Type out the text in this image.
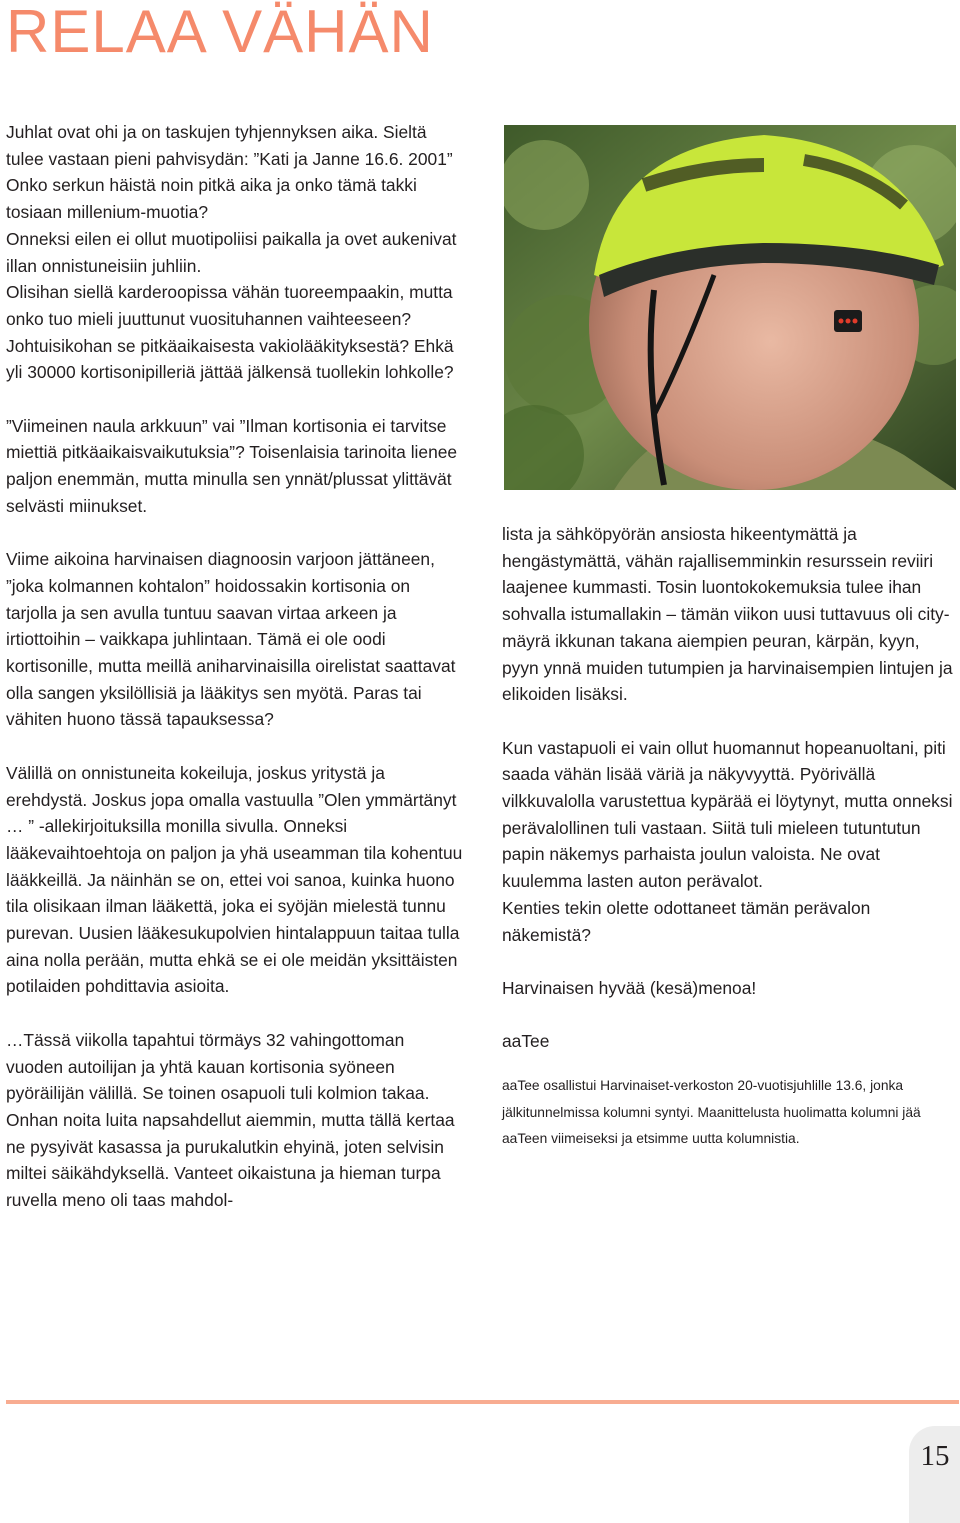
RELAA VÄHÄN

Juhlat ovat ohi ja on taskujen tyhjennyksen aika. Sieltä tulee vastaan pieni pahvisydän: ”Kati ja Janne 16.6. 2001”

Onko serkun häistä noin pitkä aika ja onko tämä takki tosiaan millenium-muotia?

Onneksi eilen ei ollut muotipoliisi paikalla ja ovet aukenivat illan onnistuneisiin juhliin.

Olisihan siellä karderoopissa vähän tuoreempaakin, mutta onko tuo mieli juuttunut vuosituhannen vaihteeseen? Johtuisikohan se pitkäaikaisesta vakiolääkityksestä? Ehkä yli 30000 kortisonipilleriä jättää jälkensä tuollekin lohkolle?

”Viimeinen naula arkkuun” vai ”Ilman kortisonia ei tarvitse miettiä pitkäaikaisvaikutuksia”? Toisenlaisia tarinoita lienee paljon enemmän, mutta minulla sen ynnät/plussat ylittävät selvästi miinukset.

Viime aikoina harvinaisen diagnoosin varjoon jättäneen, ”joka kolmannen kohtalon” hoidossakin kortisonia on tarjolla ja sen avulla tuntuu saavan virtaa arkeen ja irtiottoihin – vaikkapa juhlintaan. Tämä ei ole oodi kortisonille, mutta meillä aniharvinaisilla oirelistat saattavat olla sangen yksilöllisiä ja lääkitys sen myötä. Paras tai vähiten huono tässä tapauksessa?

Välillä on onnistuneita kokeiluja, joskus yritystä ja erehdystä. Joskus jopa omalla vastuulla ”Olen ymmärtänyt … ” -allekirjoituksilla monilla sivulla. Onneksi lääkevaihtoehtoja on paljon ja yhä useamman tila kohentuu lääkkeillä. Ja näinhän se on, ettei voi sanoa, kuinka huono tila olisikaan ilman lääkettä, joka ei syöjän mielestä tunnu purevan. Uusien lääkesukupolvien hintalappuun taitaa tulla aina nolla perään, mutta ehkä se ei ole meidän yksittäisten potilaiden pohdittavia asioita.

…Tässä viikolla tapahtui törmäys 32 vahingottoman vuoden autoilijan ja yhtä kauan kortisonia syöneen pyöräilijän välillä. Se toinen osapuoli tuli kolmion takaa.

Onhan noita luita napsahdellut aiemmin, mutta tällä kertaa ne pysyivät kasassa ja purukalutkin ehyinä, joten selvisin miltei säikähdyksellä. Vanteet oikaistuna ja hieman turpa ruvella meno oli taas mahdol-

lista ja sähköpyörän ansiosta hikeentymättä ja hengästymättä, vähän rajallisemminkin resurssein reviiri laajenee kummasti. Tosin luontokokemuksia tulee ihan sohvalla istumallakin – tämän viikon uusi tuttavuus oli city-mäyrä ikkunan takana aiempien peuran, kärpän, kyyn, pyyn ynnä muiden tutumpien ja harvinaisempien lintujen ja elikoiden lisäksi.

Kun vastapuoli ei vain ollut huomannut hopeanuoltani, piti saada vähän lisää väriä ja näkyvyyttä. Pyörivällä vilkkuvalolla varustettua kypärää ei löytynyt, mutta onneksi perävalollinen tuli vastaan. Siitä tuli mieleen tutuntutun papin näkemys parhaista joulun valoista. Ne ovat kuulemma lasten auton perävalot.

Kenties tekin olette odottaneet tämän perävalon näkemistä?

Harvinaisen hyvää (kesä)menoa!

aaTee

aaTee osallistui Harvinaiset-verkoston 20-vuotisjuhlille 13.6, jonka jälkitunnelmissa kolumni syntyi. Maanittelusta huolimatta kolumni jää aaTeen viimeiseksi ja etsimme uutta kolumnistia.

15
